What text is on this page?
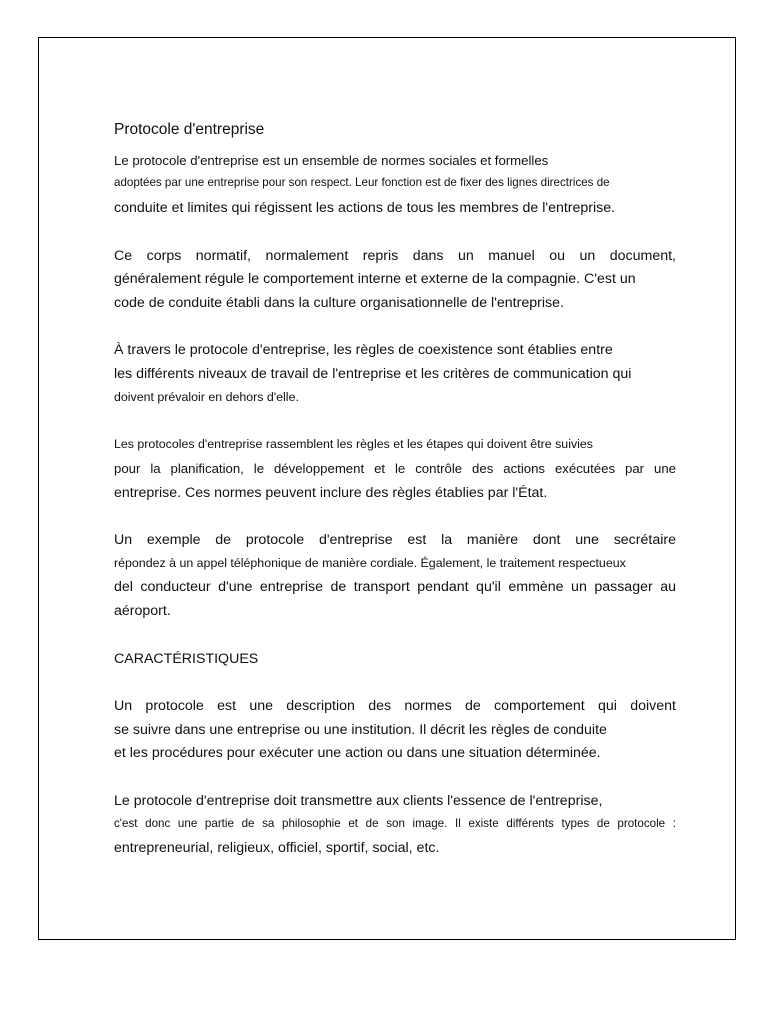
Protocole d'entreprise
Le protocole d'entreprise est un ensemble de normes sociales et formelles
adoptées par une entreprise pour son respect. Leur fonction est de fixer des lignes directrices de
conduite et limites qui régissent les actions de tous les membres de l'entreprise.
Ce corps normatif, normalement repris dans un manuel ou un document,
généralement régule le comportement interne et externe de la compagnie. C'est un
code de conduite établi dans la culture organisationnelle de l'entreprise.
À travers le protocole d'entreprise, les règles de coexistence sont établies entre
les différents niveaux de travail de l'entreprise et les critères de communication qui
doivent prévaloir en dehors d'elle.
Les protocoles d'entreprise rassemblent les règles et les étapes qui doivent être suivies
pour la planification, le développement et le contrôle des actions exécutées par une
entreprise. Ces normes peuvent inclure des règles établies par l'État.
Un exemple de protocole d'entreprise est la manière dont une secrétaire
répondez à un appel téléphonique de manière cordiale. Également, le traitement respectueux
del conducteur d'une entreprise de transport pendant qu'il emmène un passager au
aéroport.
CARACTÉRISTIQUES
Un protocole est une description des normes de comportement qui doivent
se suivre dans une entreprise ou une institution. Il décrit les règles de conduite
et les procédures pour exécuter une action ou dans une situation déterminée.
Le protocole d'entreprise doit transmettre aux clients l'essence de l'entreprise,
c'est donc une partie de sa philosophie et de son image. Il existe différents types de protocole :
entrepreneurial, religieux, officiel, sportif, social, etc.
